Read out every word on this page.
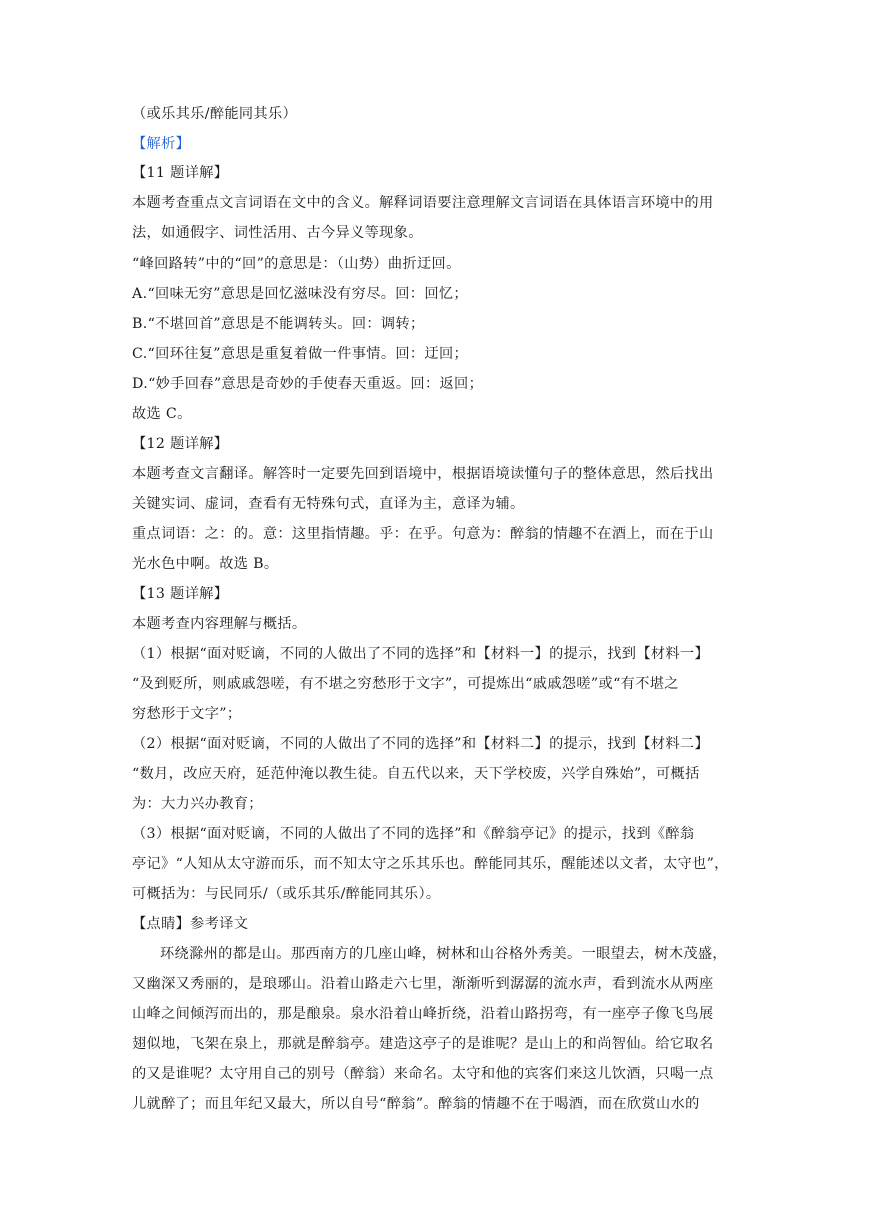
（或乐其乐/醉能同其乐）
【解析】
【11 题详解】
本题考查重点文言词语在文中的含义。解释词语要注意理解文言词语在具体语言环境中的用
法，如通假字、词性活用、古今异义等现象。
“峰回路转”中的“回”的意思是：（山势）曲折迂回。
A.“回味无穷”意思是回忆滋味没有穷尽。回：回忆；
B.“不堪回首”意思是不能调转头。回：调转；
C.“回环往复”意思是重复着做一件事情。回：迂回；
D.“妙手回春”意思是奇妙的手使春天重返。回：返回；
故选 C。
【12 题详解】
本题考查文言翻译。解答时一定要先回到语境中，根据语境读懂句子的整体意思，然后找出
关键实词、虚词，查看有无特殊句式，直译为主，意译为辅。
重点词语：之：的。意：这里指情趣。乎：在乎。句意为：醉翁的情趣不在酒上，而在于山
光水色中啊。故选 B。
【13 题详解】
本题考查内容理解与概括。
（1）根据“面对贬谪，不同的人做出了不同的选择”和【材料一】的提示，找到【材料一】
“及到贬所，则戚戚怨嗟，有不堪之穷愁形于文字”，可提炼出“戚戚怨嗟”或“有不堪之
穷愁形于文字”；
（2）根据“面对贬谪，不同的人做出了不同的选择”和【材料二】的提示，找到【材料二】
“数月，改应天府，延范仲淹以教生徒。自五代以来，天下学校废，兴学自殊始”，可概括
为：大力兴办教育；
（3）根据“面对贬谪，不同的人做出了不同的选择”和《醉翁亭记》的提示，找到《醉翁
亭记》“人知从太守游而乐，而不知太守之乐其乐也。醉能同其乐，醒能述以文者，太守也”，
可概括为：与民同乐/（或乐其乐/醉能同其乐）。
【点睛】参考译文
环绕滁州的都是山。那西南方的几座山峰，树林和山谷格外秀美。一眼望去，树木茂盛，
又幽深又秀丽的，是琅琊山。沿着山路走六七里，渐渐听到潺潺的流水声，看到流水从两座
山峰之间倾泻而出的，那是酿泉。泉水沿着山峰折绕，沿着山路拐弯，有一座亭子像飞鸟展
翅似地，飞架在泉上，那就是醉翁亭。建造这亭子的是谁呢？是山上的和尚智仙。给它取名
的又是谁呢？太守用自己的别号（醉翁）来命名。太守和他的宾客们来这儿饮酒，只喝一点
儿就醉了；而且年纪又最大，所以自号“醉翁”。醉翁的情趣不在于喝酒，而在欣赏山水的
